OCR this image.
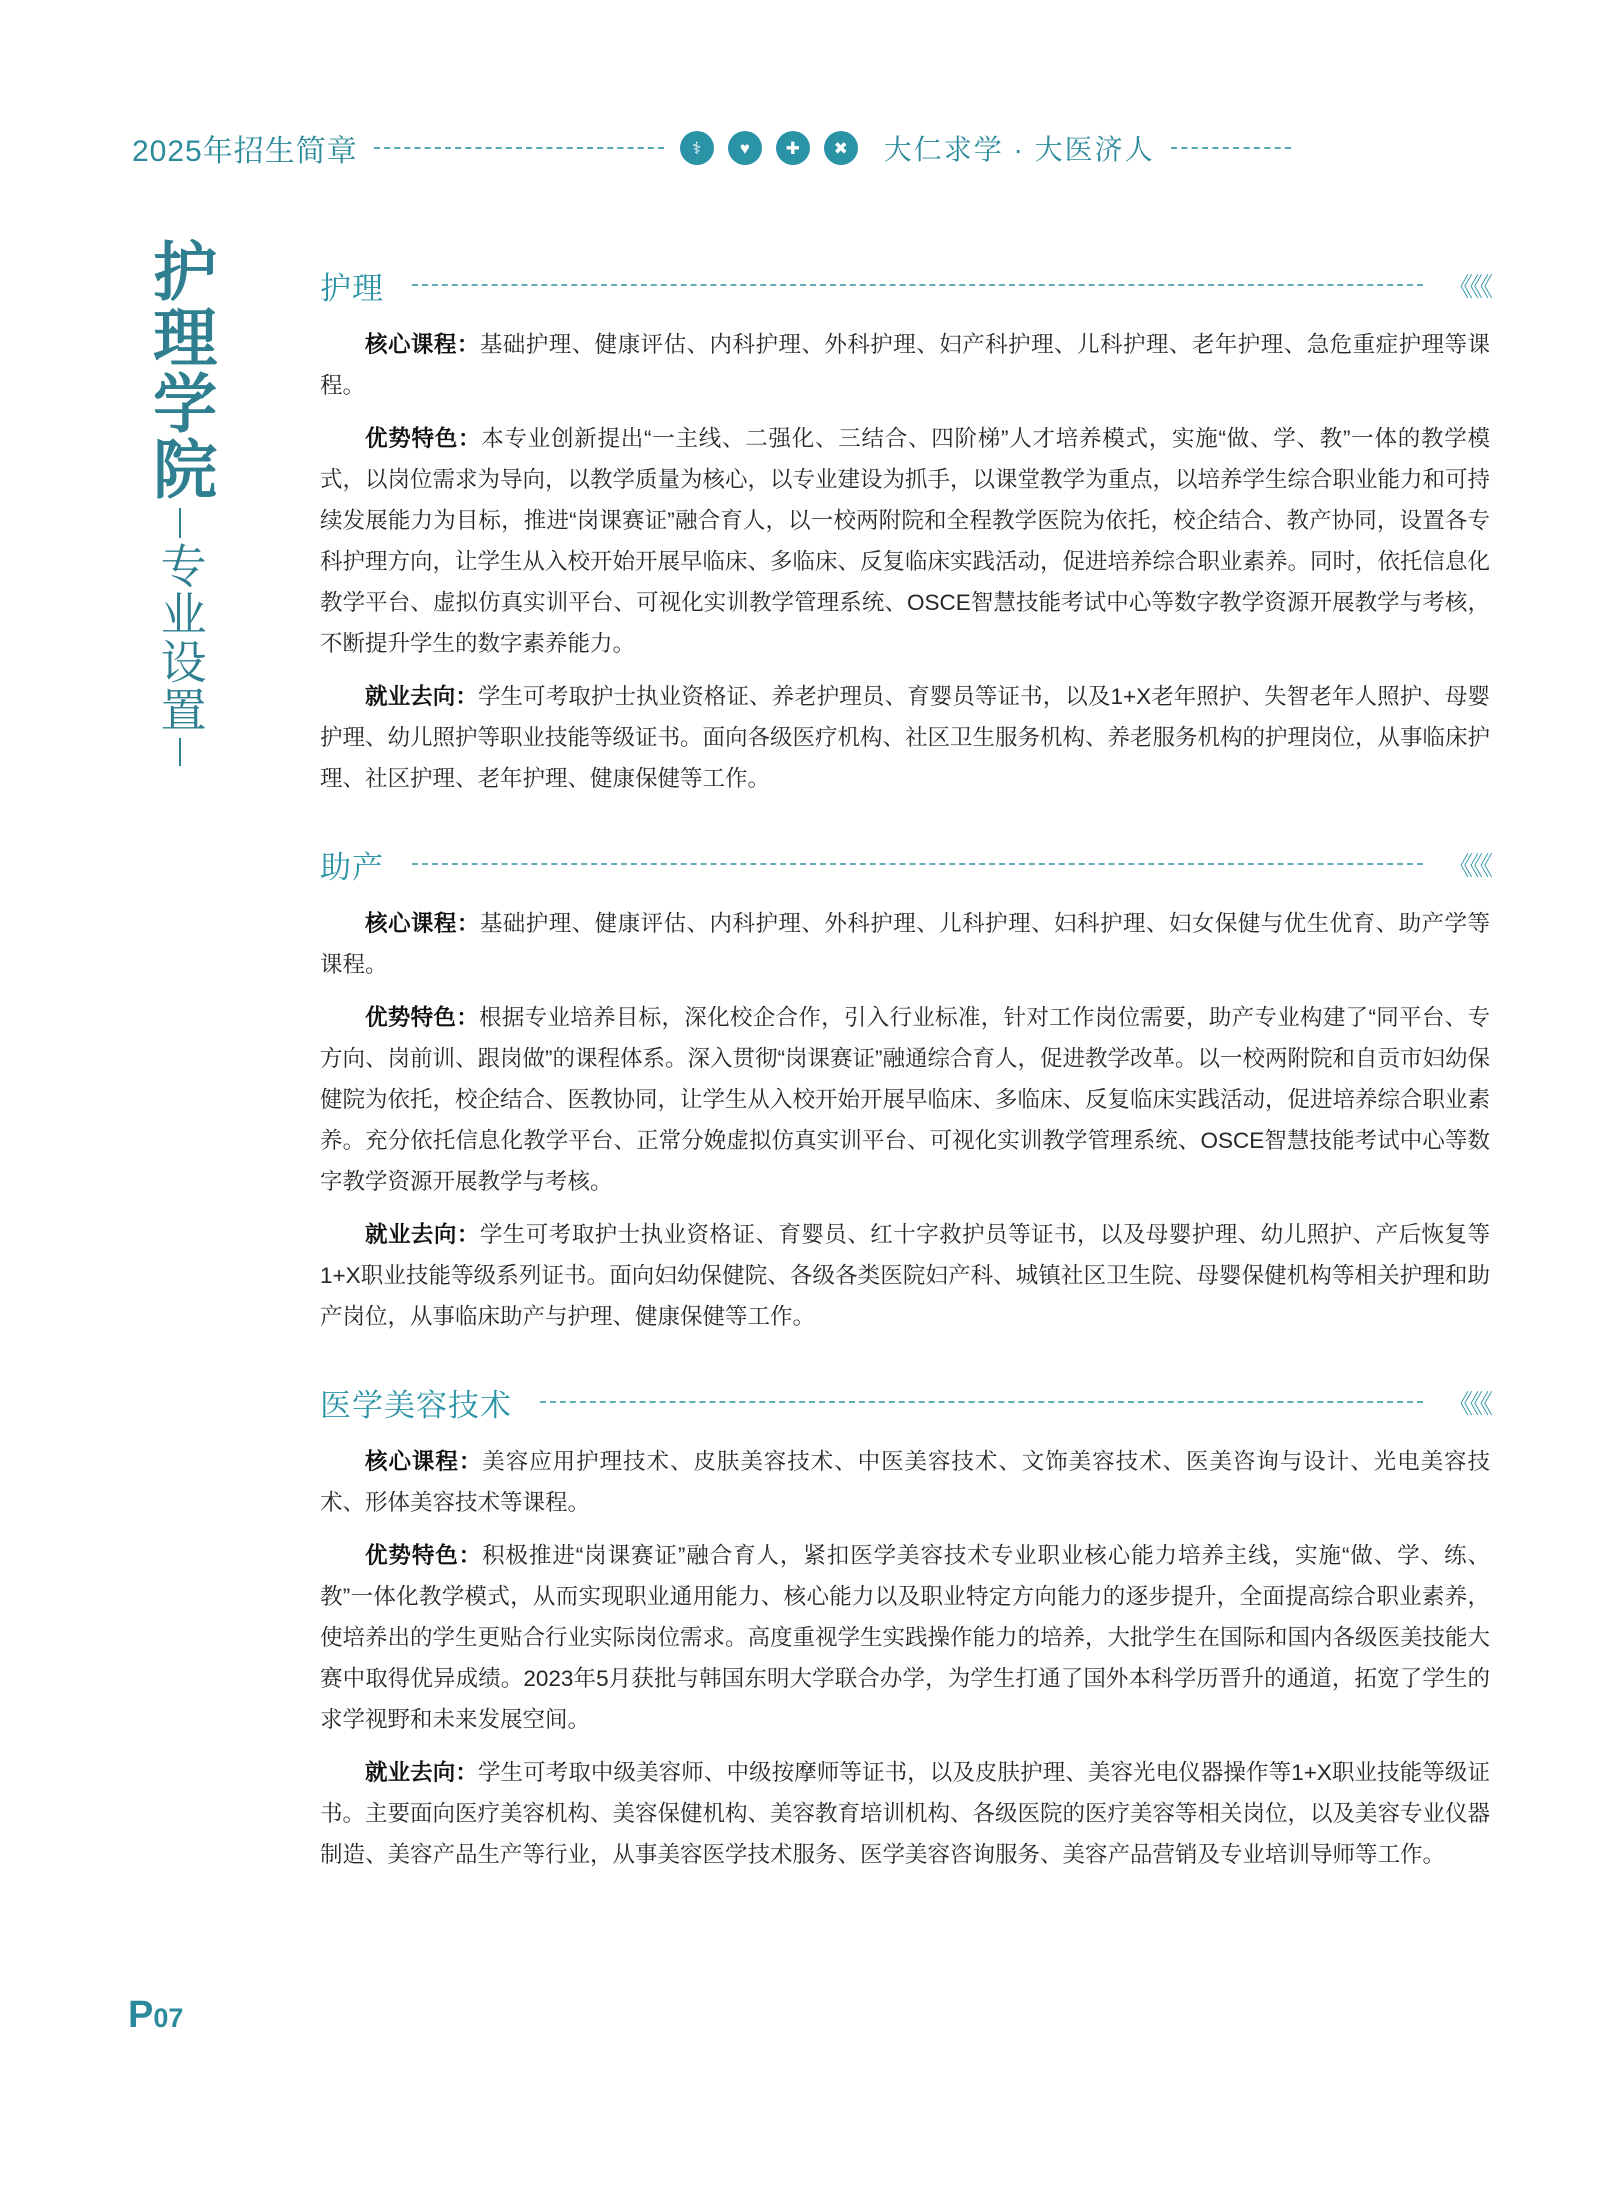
2025年招生简章	⚕	♥	✚	✖	大仁求学 · 大医济人
护理学院
专业设置
护理	《《《

核心课程：基础护理、健康评估、内科护理、外科护理、妇产科护理、儿科护理、老年护理、急危重症护理等课程。

优势特色：本专业创新提出“一主线、二强化、三结合、四阶梯”人才培养模式，实施“做、学、教”一体的教学模式，以岗位需求为导向，以教学质量为核心，以专业建设为抓手，以课堂教学为重点，以培养学生综合职业能力和可持续发展能力为目标，推进“岗课赛证”融合育人，以一校两附院和全程教学医院为依托，校企结合、教产协同，设置各专科护理方向，让学生从入校开始开展早临床、多临床、反复临床实践活动，促进培养综合职业素养。同时，依托信息化教学平台、虚拟仿真实训平台、可视化实训教学管理系统、OSCE智慧技能考试中心等数字教学资源开展教学与考核，不断提升学生的数字素养能力。

就业去向：学生可考取护士执业资格证、养老护理员、育婴员等证书，以及1+X老年照护、失智老年人照护、母婴护理、幼儿照护等职业技能等级证书。面向各级医疗机构、社区卫生服务机构、养老服务机构的护理岗位，从事临床护理、社区护理、老年护理、健康保健等工作。

助产	《《《

核心课程：基础护理、健康评估、内科护理、外科护理、儿科护理、妇科护理、妇女保健与优生优育、助产学等课程。

优势特色：根据专业培养目标，深化校企合作，引入行业标准，针对工作岗位需要，助产专业构建了“同平台、专方向、岗前训、跟岗做”的课程体系。深入贯彻“岗课赛证”融通综合育人，促进教学改革。以一校两附院和自贡市妇幼保健院为依托，校企结合、医教协同，让学生从入校开始开展早临床、多临床、反复临床实践活动，促进培养综合职业素养。充分依托信息化教学平台、正常分娩虚拟仿真实训平台、可视化实训教学管理系统、OSCE智慧技能考试中心等数字教学资源开展教学与考核。

就业去向：学生可考取护士执业资格证、育婴员、红十字救护员等证书，以及母婴护理、幼儿照护、产后恢复等1+X职业技能等级系列证书。面向妇幼保健院、各级各类医院妇产科、城镇社区卫生院、母婴保健机构等相关护理和助产岗位，从事临床助产与护理、健康保健等工作。

医学美容技术	《《《

核心课程：美容应用护理技术、皮肤美容技术、中医美容技术、文饰美容技术、医美咨询与设计、光电美容技术、形体美容技术等课程。

优势特色：积极推进“岗课赛证”融合育人，紧扣医学美容技术专业职业核心能力培养主线，实施“做、学、练、教”一体化教学模式，从而实现职业通用能力、核心能力以及职业特定方向能力的逐步提升，全面提高综合职业素养，使培养出的学生更贴合行业实际岗位需求。高度重视学生实践操作能力的培养，大批学生在国际和国内各级医美技能大赛中取得优异成绩。2023年5月获批与韩国东明大学联合办学，为学生打通了国外本科学历晋升的通道，拓宽了学生的求学视野和未来发展空间。

就业去向：学生可考取中级美容师、中级按摩师等证书，以及皮肤护理、美容光电仪器操作等1+X职业技能等级证书。主要面向医疗美容机构、美容保健机构、美容教育培训机构、各级医院的医疗美容等相关岗位，以及美容专业仪器制造、美容产品生产等行业，从事美容医学技术服务、医学美容咨询服务、美容产品营销及专业培训导师等工作。

P07
